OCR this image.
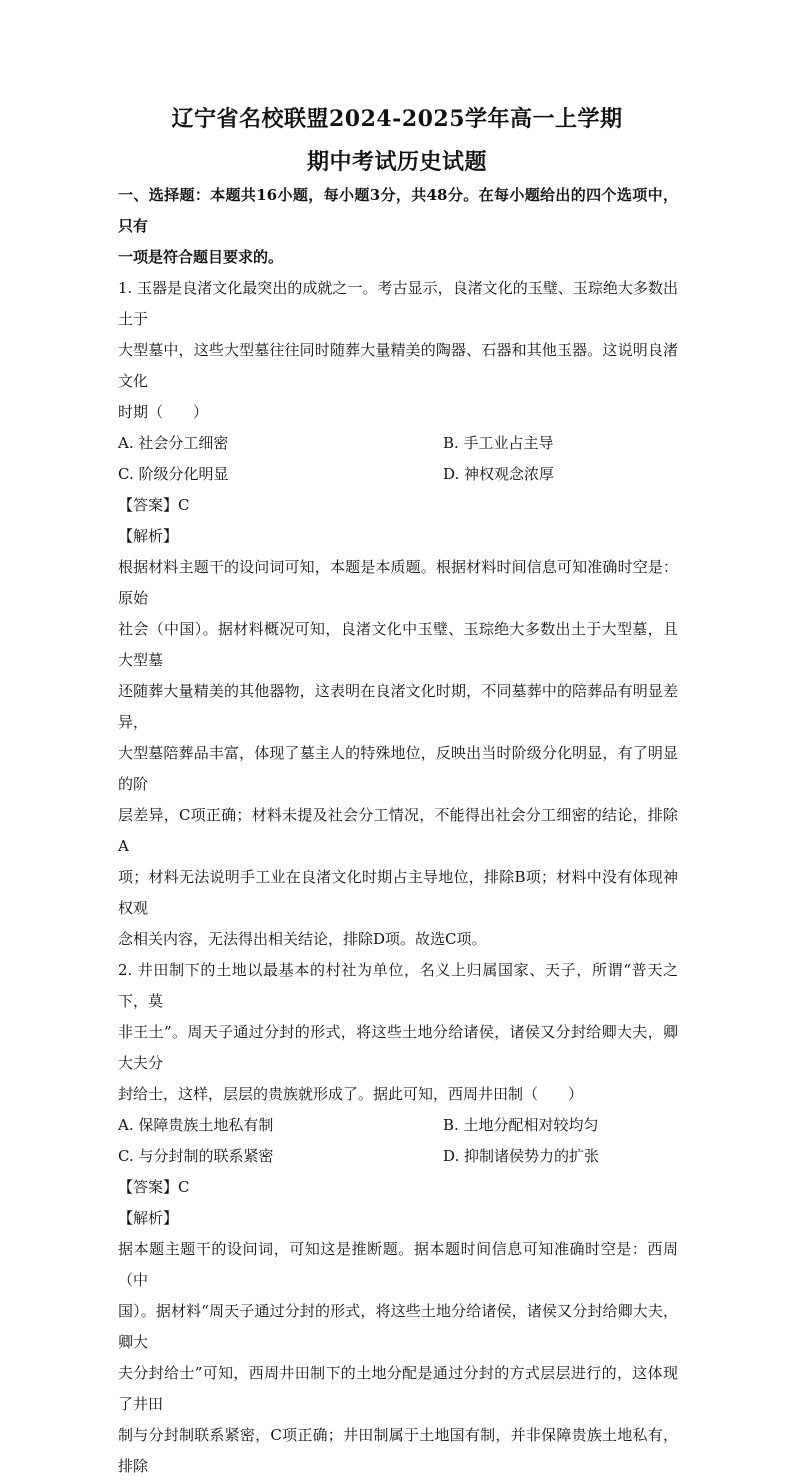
辽宁省名校联盟2024-2025学年高一上学期
期中考试历史试题

一、选择题：本题共16小题，每小题3分，共48分。在每小题给出的四个选项中，只有

一项是符合题目要求的。

1. 玉器是良渚文化最突出的成就之一。考古显示，良渚文化的玉璧、玉琮绝大多数出土于

大型墓中，这些大型墓往往同时随葬大量精美的陶器、石器和其他玉器。这说明良渚文化

时期（　　）

A. 社会分工细密	B. 手工业占主导
C. 阶级分化明显	D. 神权观念浓厚

【答案】C

【解析】

根据材料主题干的设问词可知，本题是本质题。根据材料时间信息可知准确时空是：原始

社会（中国）。据材料概况可知，良渚文化中玉璧、玉琮绝大多数出土于大型墓，且大型墓

还随葬大量精美的其他器物，这表明在良渚文化时期，不同墓葬中的陪葬品有明显差异，

大型墓陪葬品丰富，体现了墓主人的特殊地位，反映出当时阶级分化明显，有了明显的阶

层差异，C项正确；材料未提及社会分工情况，不能得出社会分工细密的结论，排除A

项；材料无法说明手工业在良渚文化时期占主导地位，排除B项；材料中没有体现神权观

念相关内容，无法得出相关结论，排除D项。故选C项。

2. 井田制下的土地以最基本的村社为单位，名义上归属国家、天子，所谓“普天之下，莫

非王土”。周天子通过分封的形式，将这些土地分给诸侯，诸侯又分封给卿大夫，卿大夫分

封给士，这样，层层的贵族就形成了。据此可知，西周井田制（　　）

A. 保障贵族土地私有制	B. 土地分配相对较均匀
C. 与分封制的联系紧密	D. 抑制诸侯势力的扩张

【答案】C

【解析】

据本题主题干的设问词，可知这是推断题。据本题时间信息可知准确时空是：西周（中

国）。据材料“周天子通过分封的形式，将这些土地分给诸侯，诸侯又分封给卿大夫，卿大

夫分封给士”可知，西周井田制下的土地分配是通过分封的方式层层进行的，这体现了井田

制与分封制联系紧密，C项正确；井田制属于土地国有制，并非保障贵族土地私有，排除
